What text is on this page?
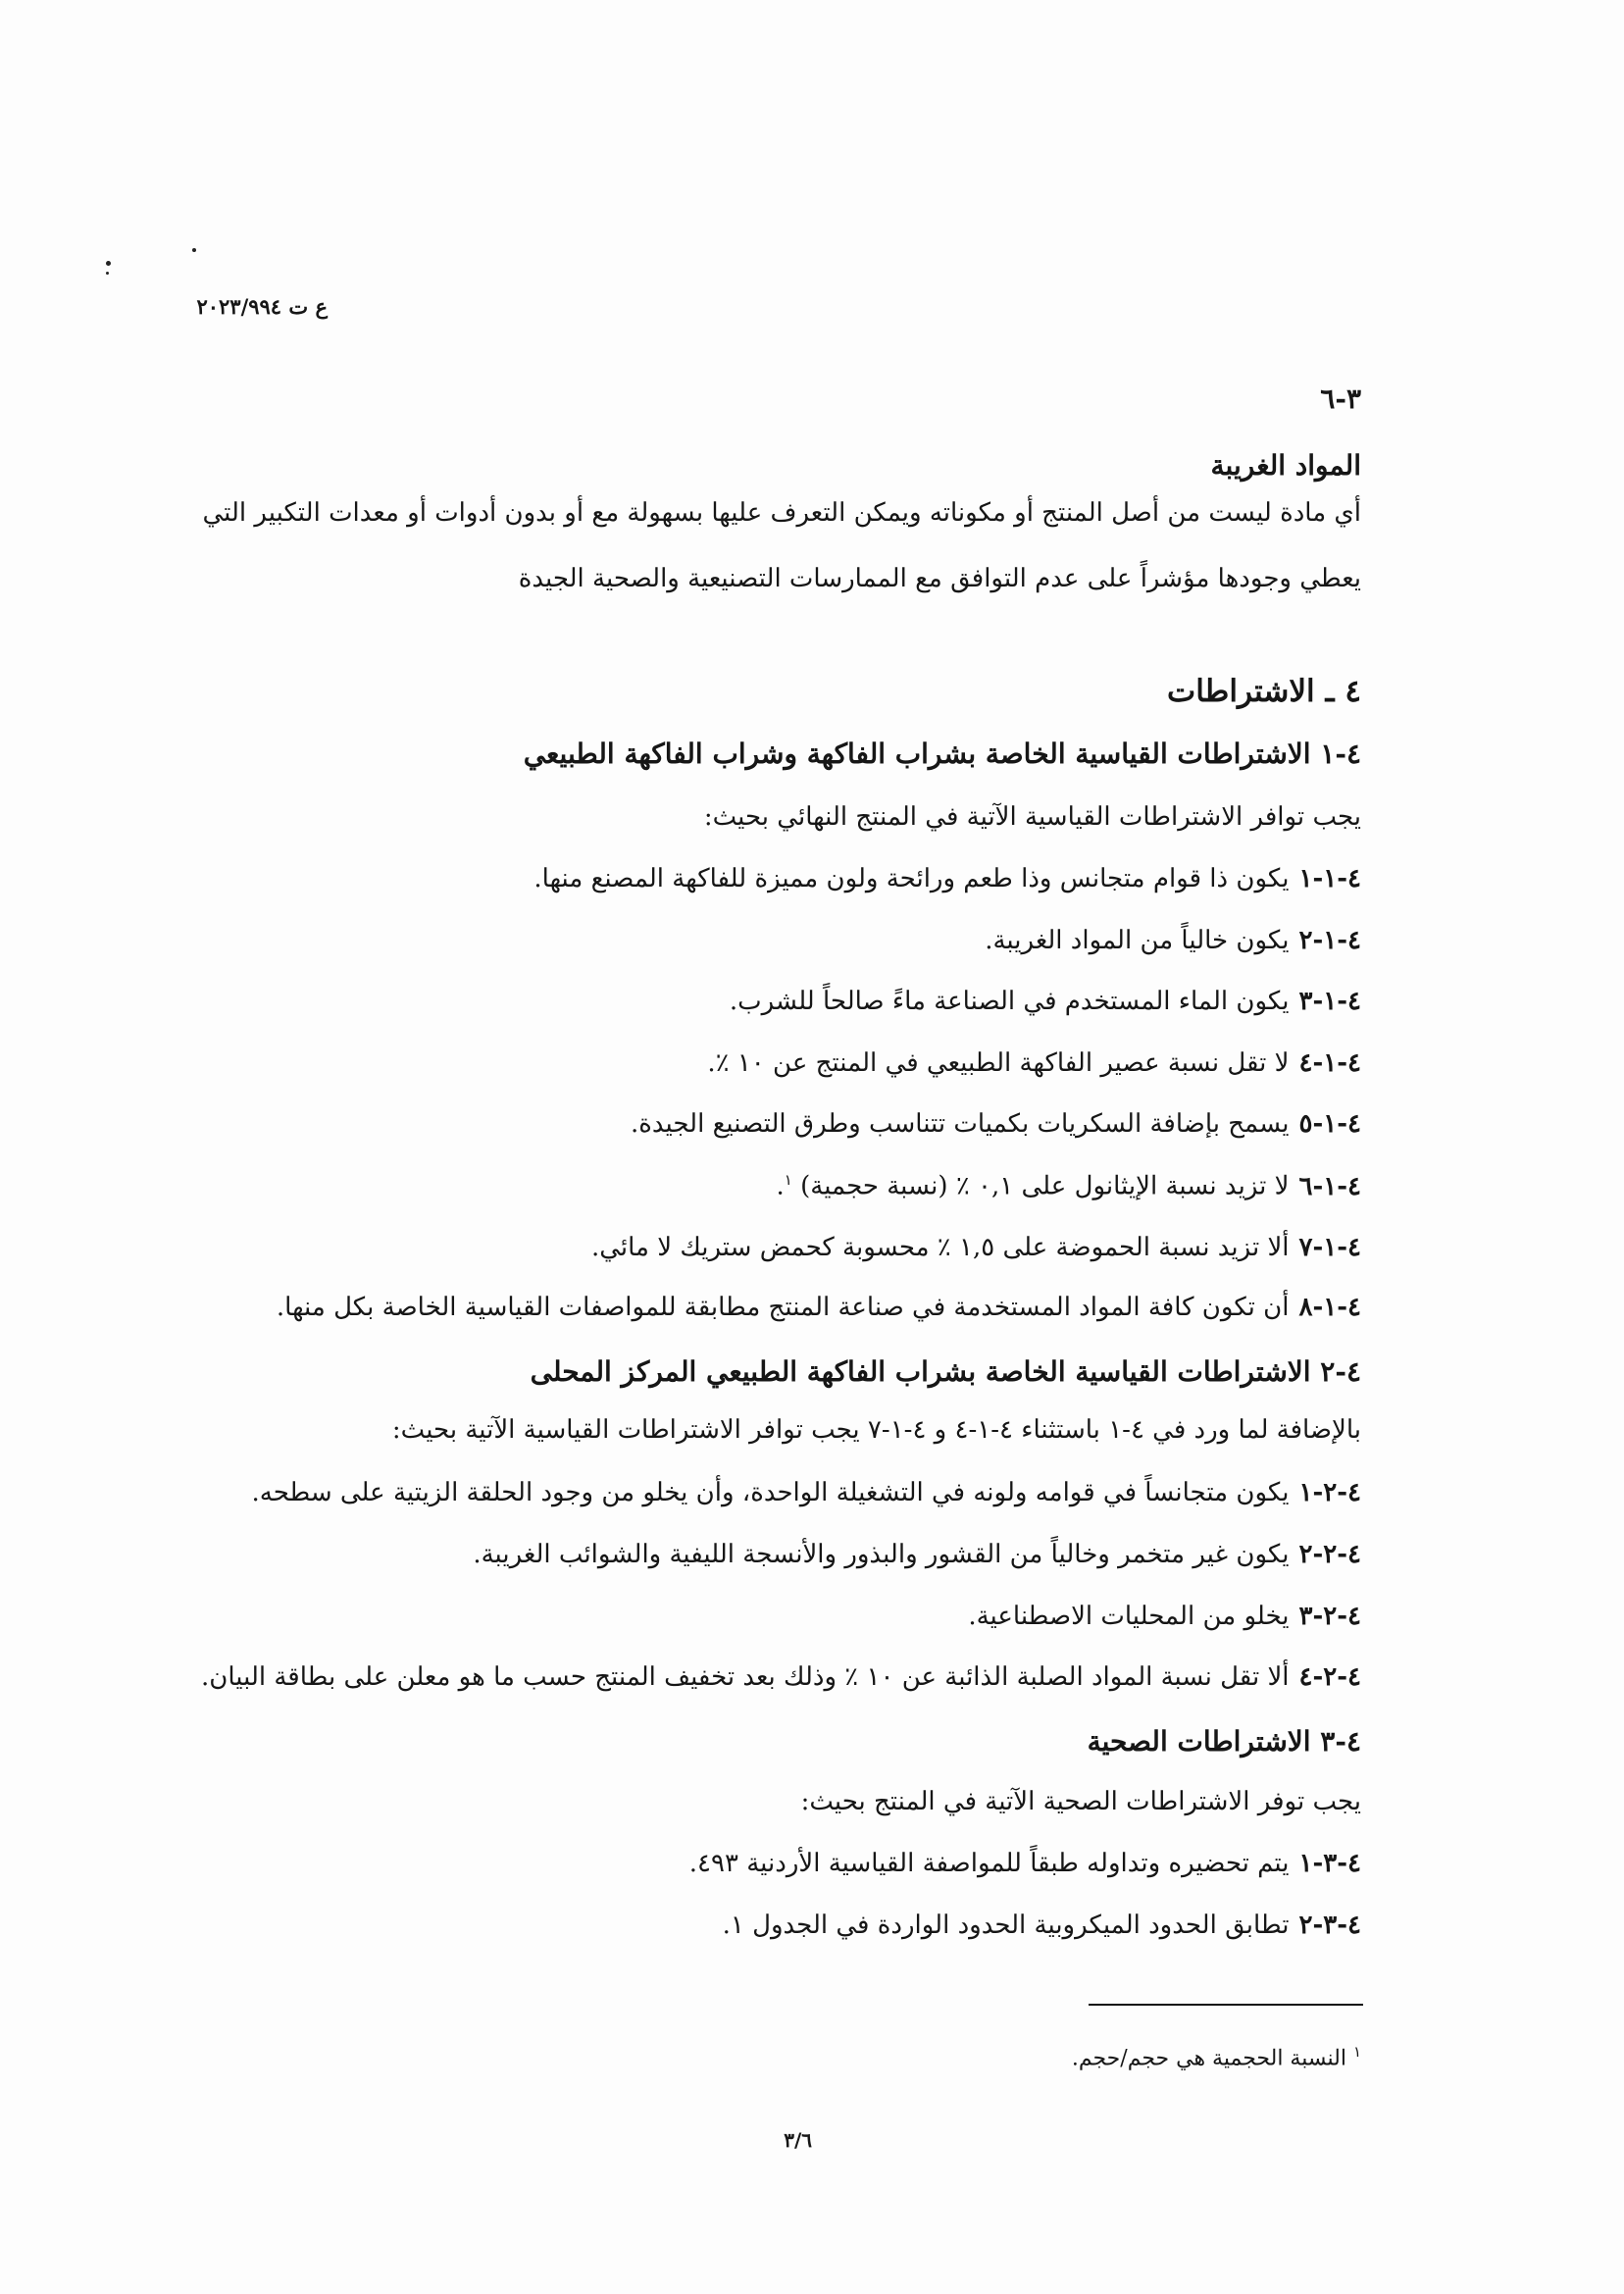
ع ت ٢٠٢٣/٩٩٤
٣-٦
المواد الغريبة
أي مادة ليست من أصل المنتج أو مكوناته ويمكن التعرف عليها بسهولة مع أو بدون أدوات أو معدات التكبير التي
يعطي وجودها مؤشراً على عدم التوافق مع الممارسات التصنيعية والصحية الجيدة
٤ ـ الاشتراطات
٤-١ الاشتراطات القياسية الخاصة بشراب الفاكهة وشراب الفاكهة الطبيعي
يجب توافر الاشتراطات القياسية الآتية في المنتج النهائي بحيث:
٤-١-١يكون ذا قوام متجانس وذا طعم ورائحة ولون مميزة للفاكهة المصنع منها.
٤-١-٢يكون خالياً من المواد الغريبة.
٤-١-٣يكون الماء المستخدم في الصناعة ماءً صالحاً للشرب.
٤-١-٤لا تقل نسبة عصير الفاكهة الطبيعي في المنتج عن ١٠ ٪.
٤-١-٥يسمح بإضافة السكريات بكميات تتناسب وطرق التصنيع الجيدة.
٤-١-٦لا تزيد نسبة الإيثانول على ٠,١ ٪ (نسبة حجمية) $^١$.
٤-١-٧ألا تزيد نسبة الحموضة على ١,٥ ٪ محسوبة كحمض ستريك لا مائي.
٤-١-٨أن تكون كافة المواد المستخدمة في صناعة المنتج مطابقة للمواصفات القياسية الخاصة بكل منها.
٤-٢ الاشتراطات القياسية الخاصة بشراب الفاكهة الطبيعي المركز المحلى
بالإضافة لما ورد في ٤-١ باستثناء ٤-١-٤ و ٤-١-٧ يجب توافر الاشتراطات القياسية الآتية بحيث:
٤-٢-١يكون متجانساً في قوامه ولونه في التشغيلة الواحدة، وأن يخلو من وجود الحلقة الزيتية على سطحه.
٤-٢-٢يكون غير متخمر وخالياً من القشور والبذور والأنسجة الليفية والشوائب الغريبة.
٤-٢-٣يخلو من المحليات الاصطناعية.
٤-٢-٤ألا تقل نسبة المواد الصلبة الذائبة عن ١٠ ٪ وذلك بعد تخفيف المنتج حسب ما هو معلن على بطاقة البيان.
٤-٣ الاشتراطات الصحية
يجب توفر الاشتراطات الصحية الآتية في المنتج بحيث:
٤-٣-١يتم تحضيره وتداوله طبقاً للمواصفة القياسية الأردنية ٤٩٣.
٤-٣-٢تطابق الحدود الميكروبية الحدود الواردة في الجدول ١.
$^١$ النسبة الحجمية هي حجم/حجم.
٣/٦
